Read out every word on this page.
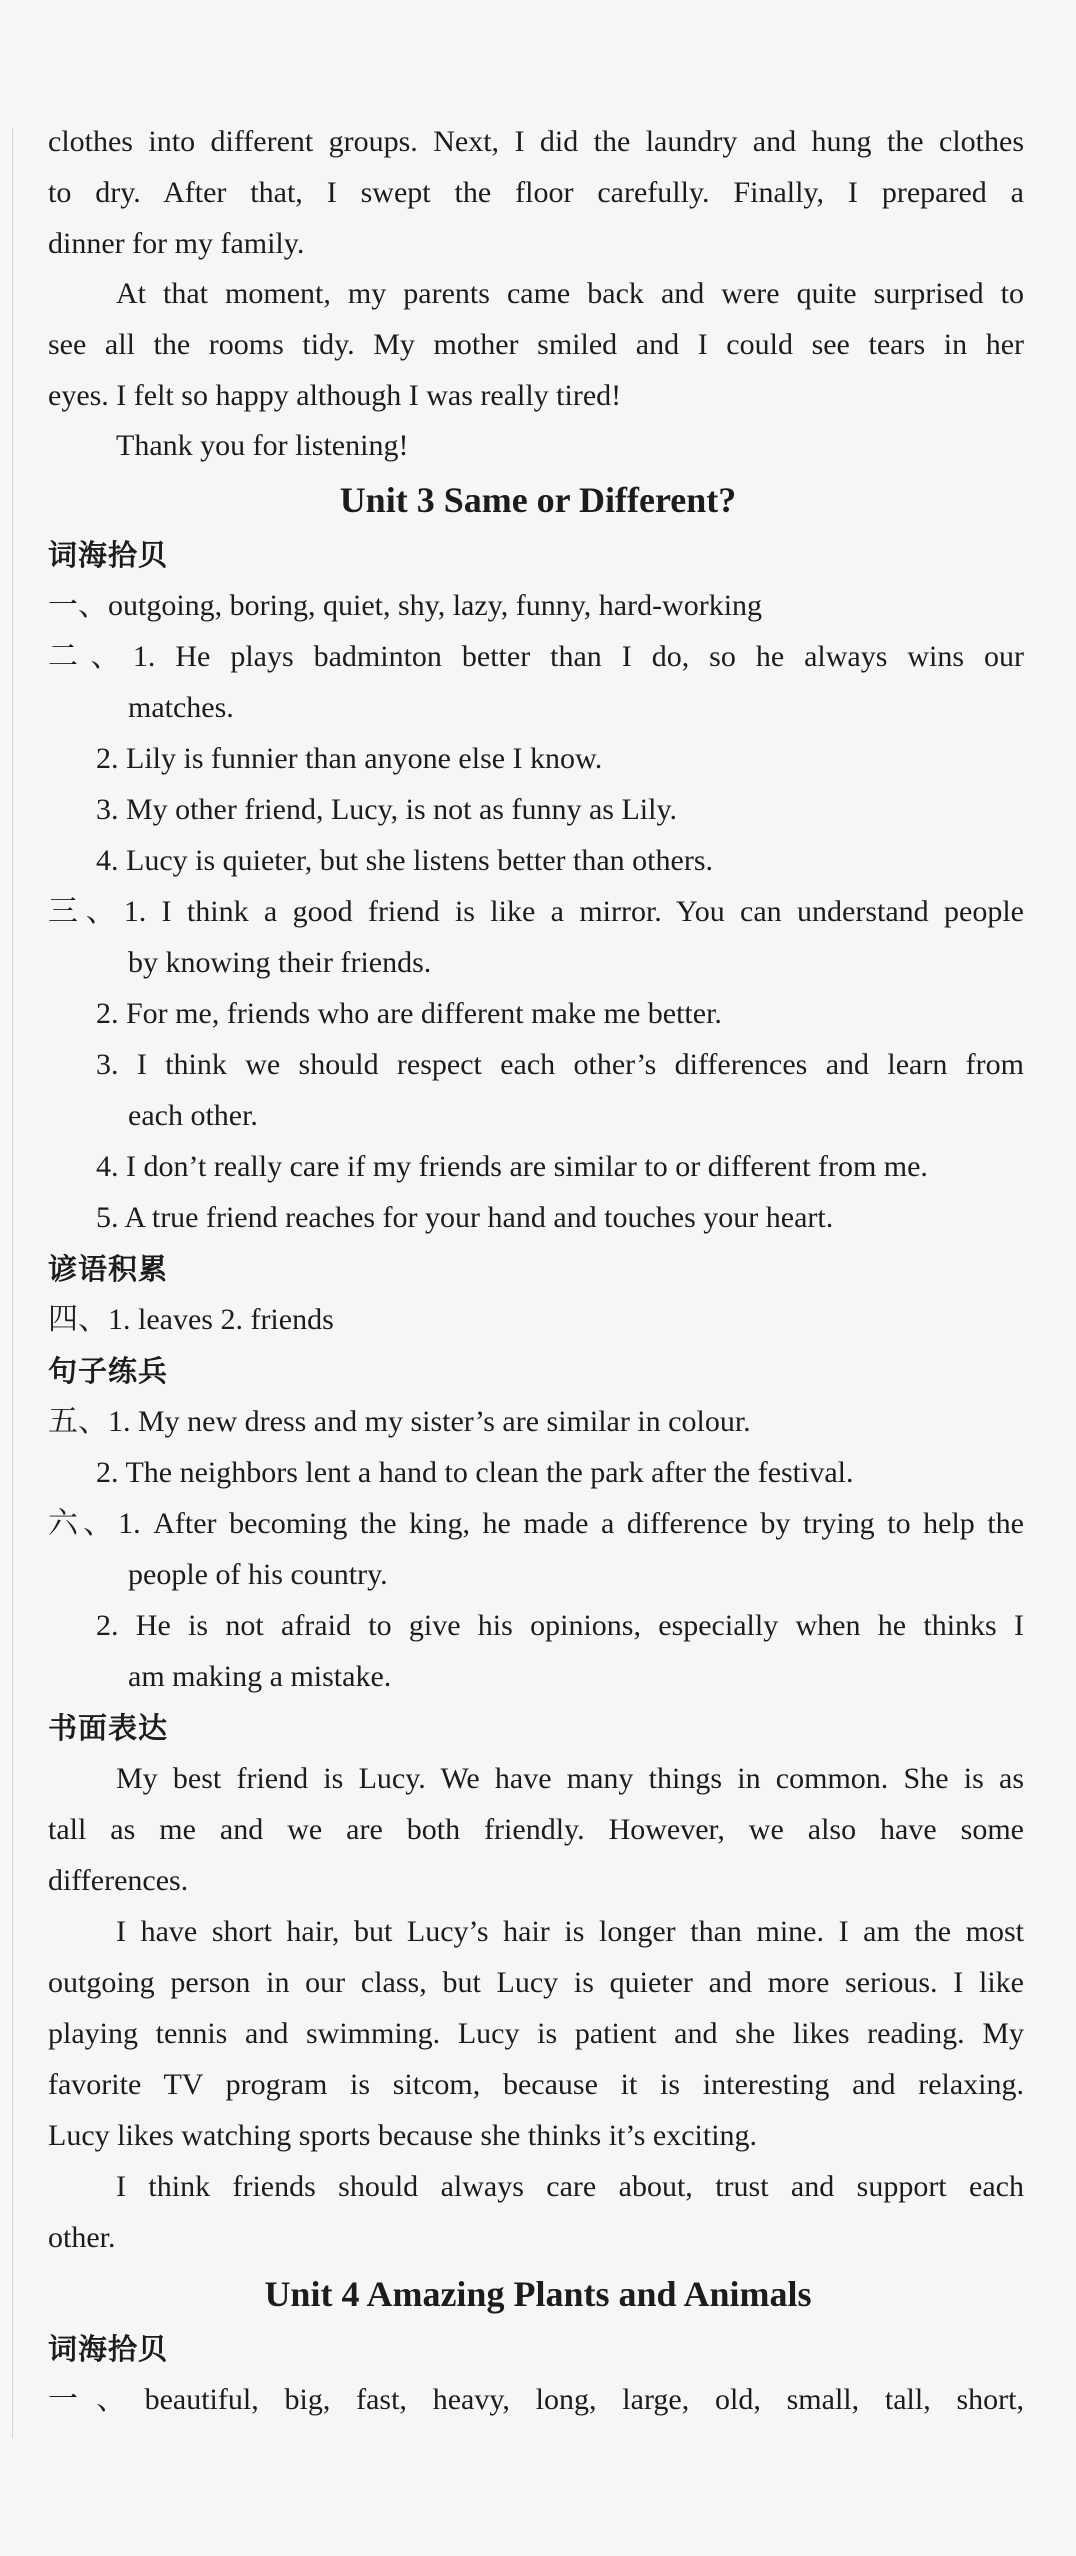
clothes into different groups. Next, I did the laundry and hung the clothes
to dry. After that, I swept the floor carefully. Finally, I prepared a
dinner for my family.
At that moment, my parents came back and were quite surprised to
see all the rooms tidy. My mother smiled and I could see tears in her
eyes. I felt so happy although I was really tired!
Thank you for listening!
Unit 3 Same or Different?
词海拾贝
一、outgoing, boring, quiet, shy, lazy, funny, hard-working
二、1. He plays badminton better than I do, so he always wins our
matches.
2. Lily is funnier than anyone else I know.
3. My other friend, Lucy, is not as funny as Lily.
4. Lucy is quieter, but she listens better than others.
三、1. I think a good friend is like a mirror. You can understand people
by knowing their friends.
2. For me, friends who are different make me better.
3. I think we should respect each other’s differences and learn from
each other.
4. I don’t really care if my friends are similar to or different from me.
5. A true friend reaches for your hand and touches your heart.
谚语积累
四、1. leaves 2. friends
句子练兵
五、1. My new dress and my sister’s are similar in colour.
2. The neighbors lent a hand to clean the park after the festival.
六、1. After becoming the king, he made a difference by trying to help the
people of his country.
2. He is not afraid to give his opinions, especially when he thinks I
am making a mistake.
书面表达
My best friend is Lucy. We have many things in common. She is as
tall as me and we are both friendly. However, we also have some
differences.
I have short hair, but Lucy’s hair is longer than mine. I am the most
outgoing person in our class, but Lucy is quieter and more serious. I like
playing tennis and swimming. Lucy is patient and she likes reading. My
favorite TV program is sitcom, because it is interesting and relaxing.
Lucy likes watching sports because she thinks it’s exciting.
I think friends should always care about, trust and support each
other.
Unit 4 Amazing Plants and Animals
词海拾贝
一、beautiful, big, fast, heavy, long, large, old, small, tall, short,
